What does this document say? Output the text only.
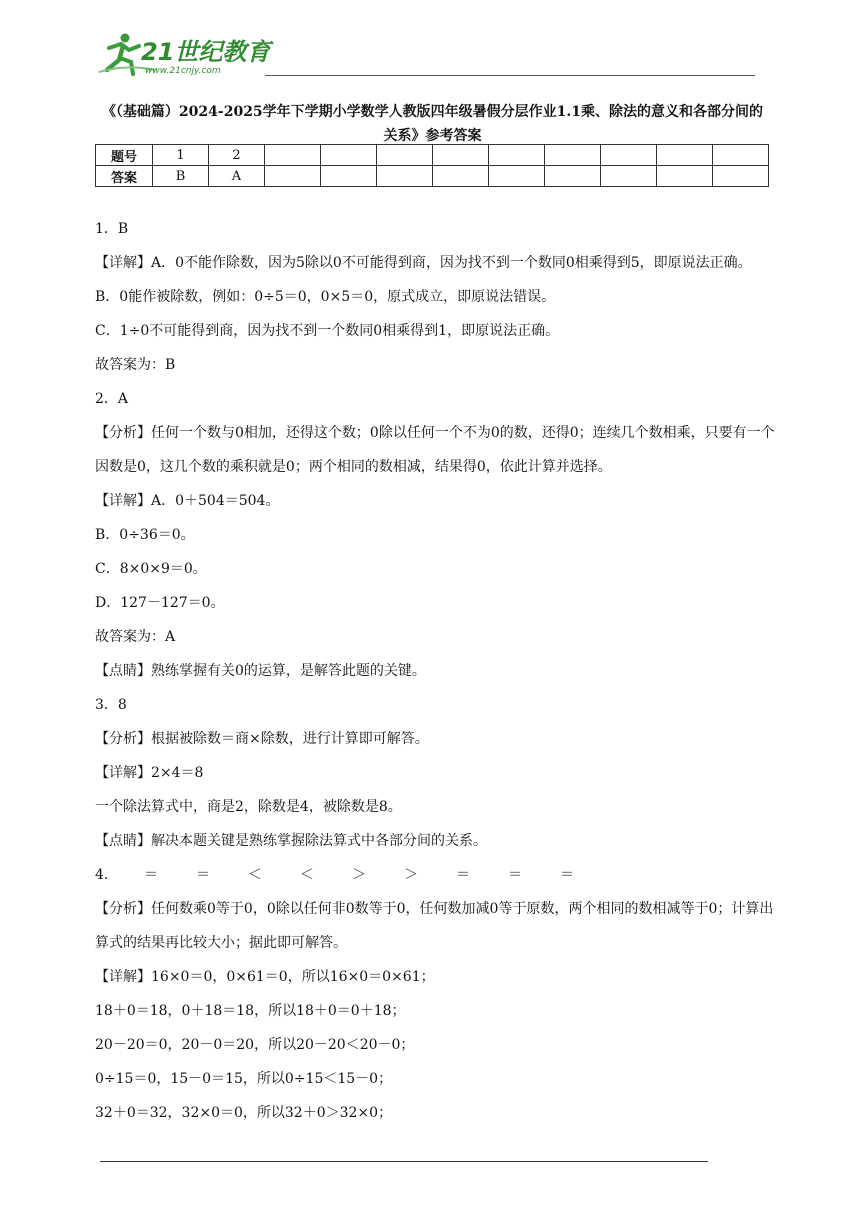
21世纪教育
www.21cnjy.com
《（基础篇）2024-2025学年下学期小学数学人教版四年级暑假分层作业1.1乘、除法的意义和各部分间的关系》参考答案
题号	1	2									
答案	B	A									

1．B

【详解】A．0不能作除数，因为5除以0不可能得到商，因为找不到一个数同0相乘得到5，即原说法正确。

B．0能作被除数，例如：0÷5＝0，0×5＝0，原式成立，即原说法错误。

C．1÷0不可能得到商，因为找不到一个数同0相乘得到1，即原说法正确。

故答案为：B

2．A

【分析】任何一个数与0相加，还得这个数；0除以任何一个不为0的数，还得0；连续几个数相乘，只要有一个因数是0，这几个数的乘积就是0；两个相同的数相减，结果得0，依此计算并选择。

【详解】A．0＋504＝504。

B．0÷36＝0。

C．8×0×9＝0。

D．127－127＝0。

故答案为：A

【点睛】熟练掌握有关0的运算，是解答此题的关键。

3．8

【分析】根据被除数＝商×除数，进行计算即可解答。

【详解】2×4＝8

一个除法算式中，商是2，除数是4，被除数是8。

【点睛】解决本题关键是熟练掌握除法算式中各部分间的关系。

4． ＝	＝	＜	＜	＞	＞	＝	＝	＝

【分析】任何数乘0等于0，0除以任何非0数等于0，任何数加减0等于原数，两个相同的数相减等于0；计算出算式的结果再比较大小；据此即可解答。

【详解】16×0＝0，0×61＝0，所以16×0＝0×61；

18＋0＝18，0＋18＝18，所以18＋0＝0＋18；

20－20＝0，20－0＝20，所以20－20＜20－0；

0÷15＝0，15－0＝15，所以0÷15＜15－0；

32＋0＝32，32×0＝0，所以32＋0＞32×0；
